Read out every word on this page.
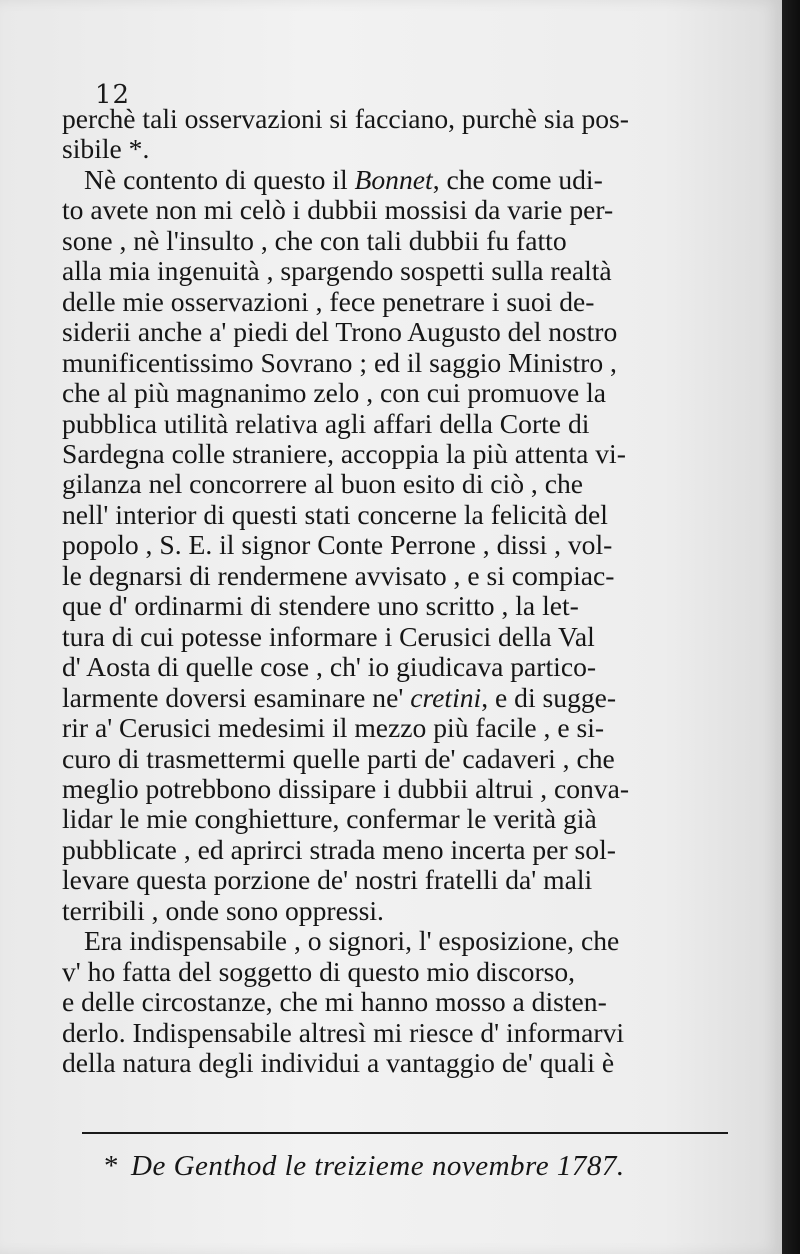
12

perchè tali osservazioni si facciano, purchè sia pos-
sibile *.

Nè contento di questo il Bonnet, che come udi-
to avete non mi celò i dubbii mossisi da varie per-
sone , nè l'insulto , che con tali dubbii fu fatto
alla mia ingenuità , spargendo sospetti sulla realtà
delle mie osservazioni , fece penetrare i suoi de-
siderii anche a' piedi del Trono Augusto del nostro
munificentissimo Sovrano ; ed il saggio Ministro ,
che al più magnanimo zelo , con cui promuove la
pubblica utilità relativa agli affari della Corte di
Sardegna colle straniere, accoppia la più attenta vi-
gilanza nel concorrere al buon esito di ciò , che
nell' interior di questi stati concerne la felicità del
popolo , S. E. il signor Conte Perrone , dissi , vol-
le degnarsi di rendermene avvisato , e si compiac-
que d' ordinarmi di stendere uno scritto , la let-
tura di cui potesse informare i Cerusici della Val
d' Aosta di quelle cose , ch' io giudicava partico-
larmente doversi esaminare ne' cretini, e di sugge-
rir a' Cerusici medesimi il mezzo più facile , e si-
curo di trasmettermi quelle parti de' cadaveri , che
meglio potrebbono dissipare i dubbii altrui , conva-
lidar le mie conghietture, confermar le verità già
pubblicate , ed aprirci strada meno incerta per sol-
levare questa porzione de' nostri fratelli da' mali
terribili , onde sono oppressi.

Era indispensabile , o signori, l' esposizione, che
v' ho fatta del soggetto di questo mio discorso,
e delle circostanze, che mi hanno mosso a disten-
derlo. Indispensabile altresì mi riesce d' informarvi
della natura degli individui a vantaggio de' quali è

* De Genthod le treizieme novembre 1787.
